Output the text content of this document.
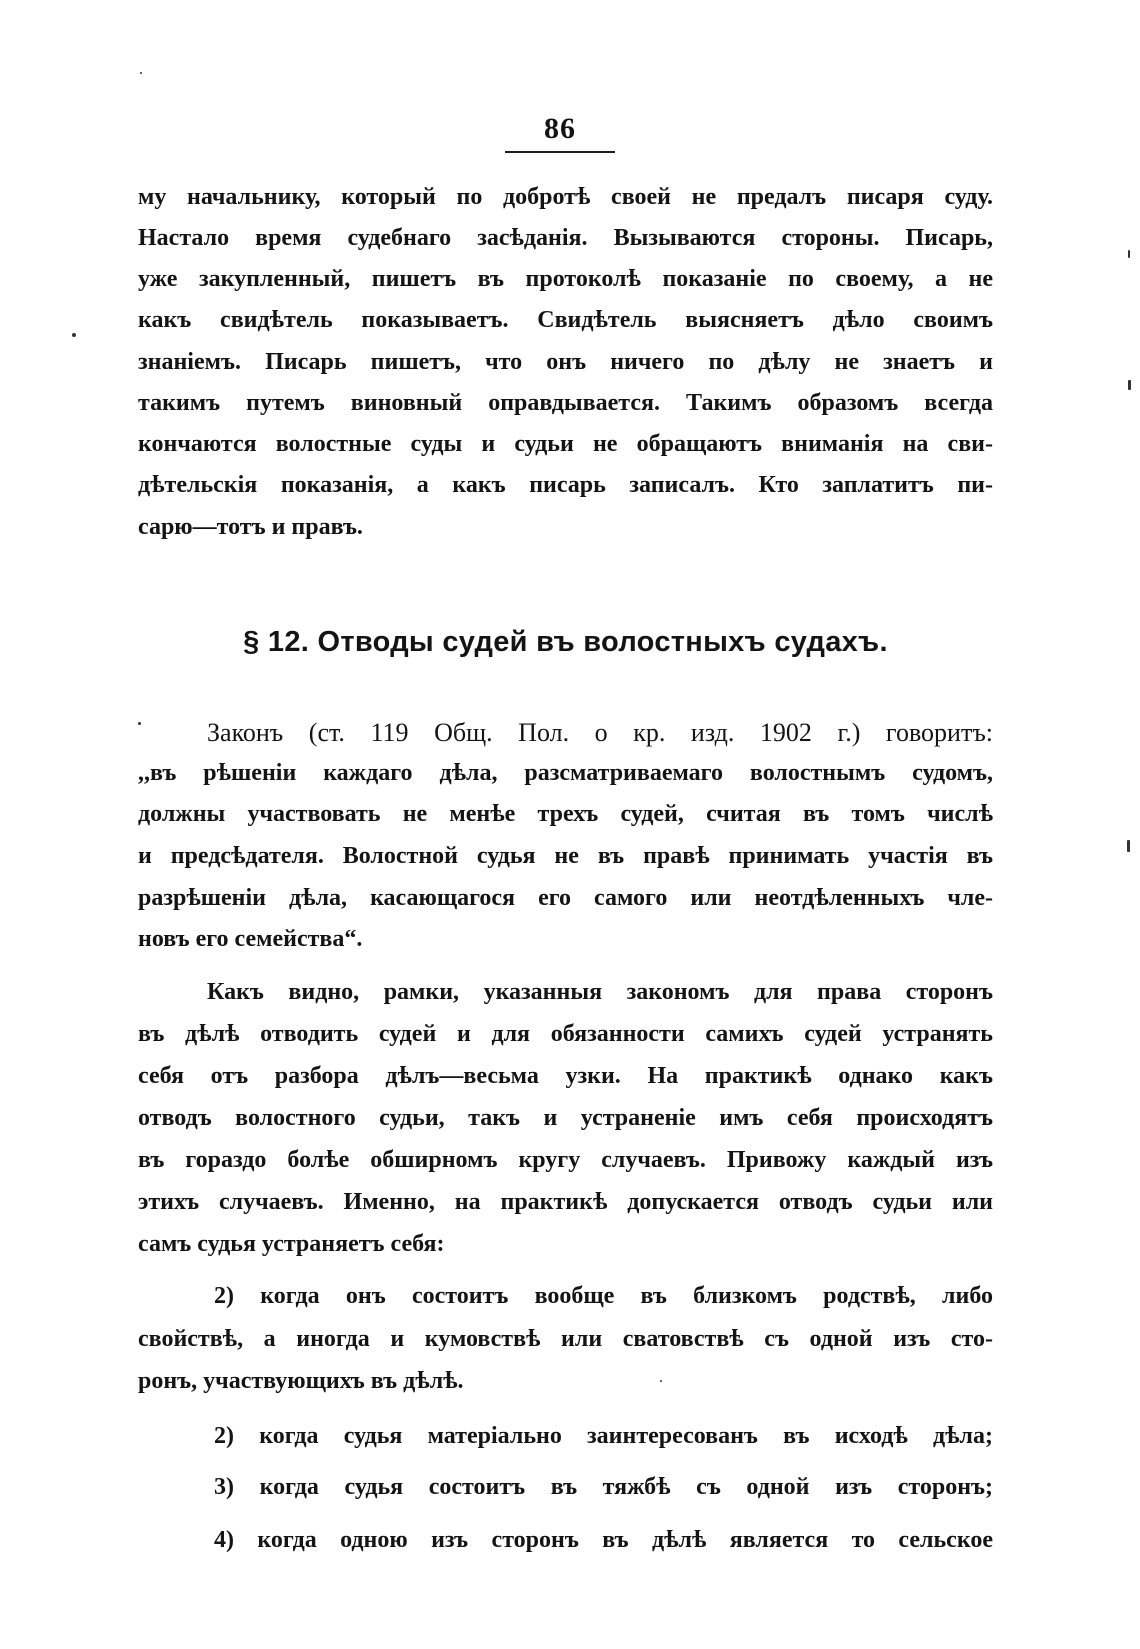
86
му начальнику, который по добротѣ своей не предалъ писаря суду.
Настало время судебнаго засѣданія. Вызываются стороны. Писарь,
уже закупленный, пишетъ въ протоколѣ показаніе по своему, а не
какъ свидѣтель показываетъ. Свидѣтель выясняетъ дѣло своимъ
знаніемъ. Писарь пишетъ, что онъ ничего по дѣлу не знаетъ и
такимъ путемъ виновный оправдывается. Такимъ образомъ всегда
кончаются волостные суды и судьи не обращаютъ вниманія на сви-
дѣтельскія показанія, а какъ писарь записалъ. Кто заплатитъ пи-
сарю—тотъ и правъ.
§ 12. Отводы судей въ волостныхъ судахъ.
Законъ (ст. 119 Общ. Пол. о кр. изд. 1902 г.) говоритъ:
,,въ рѣшеніи каждаго дѣла, разсматриваемаго волостнымъ судомъ,
должны участвовать не менѣе трехъ судей, считая въ томъ числѣ
и предсѣдателя. Волостной судья не въ правѣ принимать участія въ
разрѣшеніи дѣла, касающагося его самого или неотдѣленныхъ чле-
новъ его семейства“.
Какъ видно, рамки, указанныя закономъ для права сторонъ
въ дѣлѣ отводить судей и для обязанности самихъ судей устранять
себя отъ разбора дѣлъ—весьма узки. На практикѣ однако какъ
отводъ волостного судьи, такъ и устраненіе имъ себя происходятъ
въ гораздо болѣе обширномъ кругу случаевъ. Привожу каждый изъ
этихъ случаевъ. Именно, на практикѣ допускается отводъ судьи или
самъ судья устраняетъ себя:
2) когда онъ состоитъ вообще въ близкомъ родствѣ, либо
свойствѣ, а иногда и кумовствѣ или сватовствѣ съ одной изъ сто-
ронъ, участвующихъ въ дѣлѣ.
2) когда судья матеріально заинтересованъ въ исходѣ дѣла;
3) когда судья состоитъ въ тяжбѣ съ одной изъ сторонъ;
4) когда одною изъ сторонъ въ дѣлѣ является то сельское
